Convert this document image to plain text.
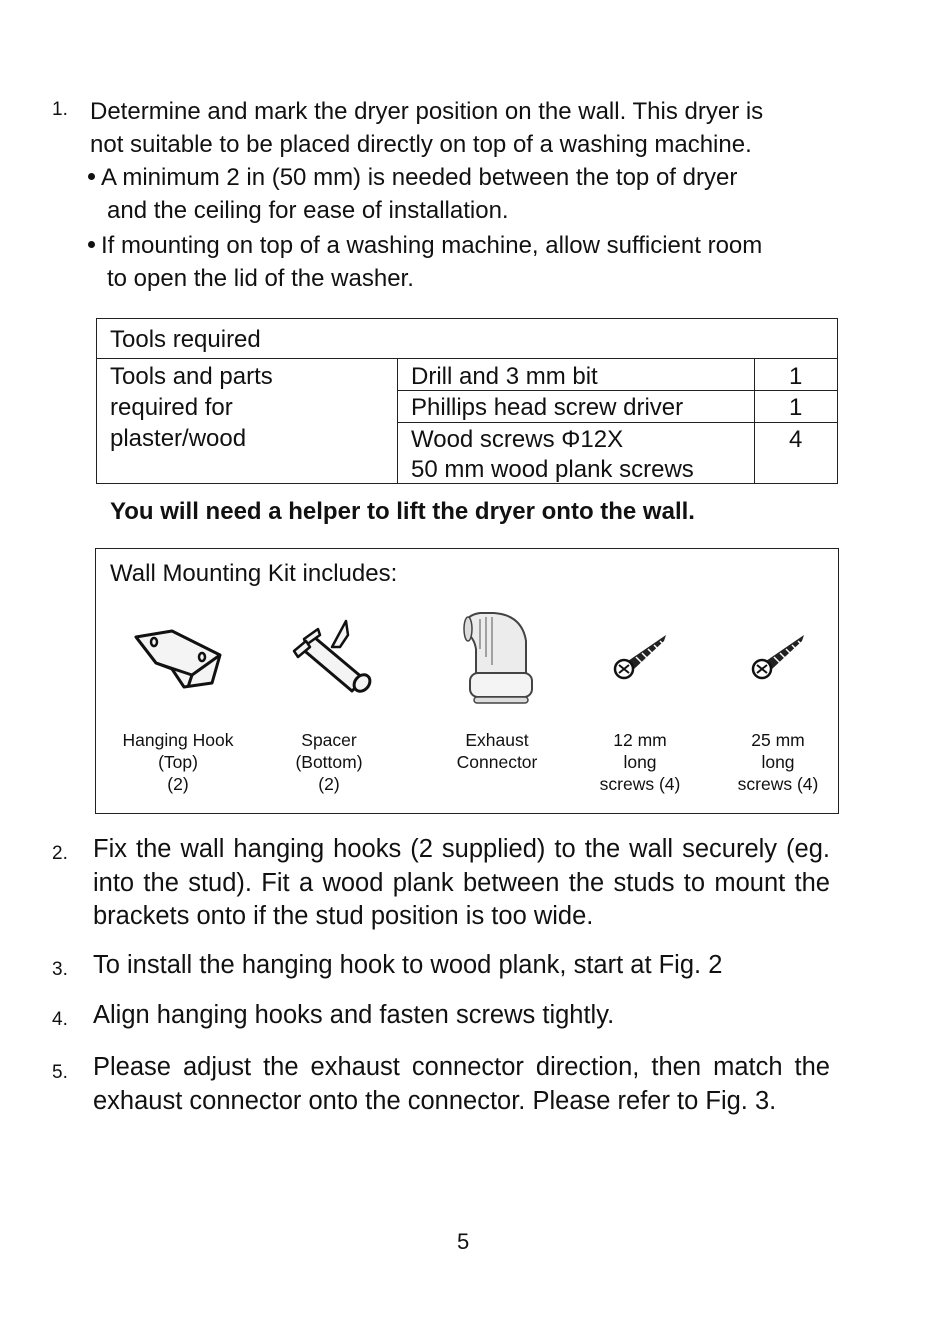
1. Determine and mark the dryer position on the wall. This dryer is
not suitable to be placed directly on top of a washing machine.
A minimum 2 in (50 mm) is needed between the top of dryer
and the ceiling for ease of installation.
If mounting on top of a washing machine, allow sufficient room
to open the lid of the washer.
Tools required
Tools and parts
required for
plaster/wood
Drill and 3 mm bit
Phillips head screw driver
Wood screws Φ12X
50 mm wood plank screws
1
1
4
You will need a helper to lift the dryer onto the wall.
Wall Mounting Kit includes:
Hanging Hook
(Top)
(2)
Spacer
(Bottom)
(2)
Exhaust
Connector
12 mm
long
screws (4)
25 mm
long
screws (4)
2. Fix the wall hanging hooks (2 supplied) to the wall securely (eg. into the stud). Fit a wood plank between the studs to mount the brackets onto if the stud position is too wide.
3. To install the hanging hook to wood plank, start at Fig. 2
4. Align hanging hooks and fasten screws tightly.
5. Please adjust the exhaust connector direction, then match the exhaust connector onto the connector. Please refer to Fig. 3.
5
